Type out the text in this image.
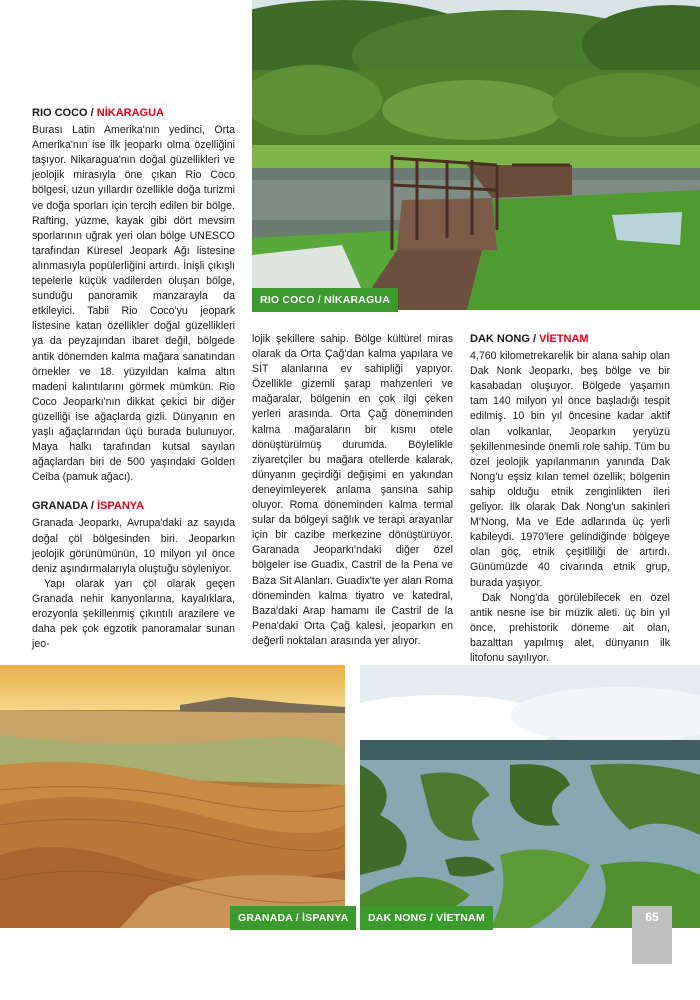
RIO COCO / NİKARAGUA
RIO COCO / NİKARAGUA

Burası Latin Amerika'nın yedinci, Orta Amerika'nın ise ilk jeoparkı olma özelliğini taşıyor. Nikaragua'nın doğal güzellikleri ve jeolojik mirasıyla öne çıkan Rio Coco bölgesi, uzun yıllardır özellikle doğa turizmi ve doğa sporları için tercih edilen bir bölge. Rafting, yüzme, kayak gibi dört mevsim sporlarının uğrak yeri olan bölge UNESCO tarafından Küresel Jeopark Ağı listesine alınmasıyla popülerliğini artırdı. İnişli çıkışlı tepelerle küçük vadilerden oluşan bölge, sunduğu panoramik manzarayla da etkileyici. Tabii Rio Coco'yu jeopark listesine katan özellikler doğal güzellikleri ya da peyzajından ibaret değil, bölgede antik dönemden kalma mağara sanatından örnekler ve 18. yüzyıldan kalma altın madeni kalıntılarını görmek mümkün. Rio Coco Jeoparkı'nın dikkat çekici bir diğer güzelliği ise ağaçlarda gizli. Dünyanın en yaşlı ağaçlarından üçü burada bulunuyor. Maya halkı tarafından kutsal sayılan ağaçlardan biri de 500 yaşındaki Golden Ceiba (pamuk ağacı).

GRANADA / İSPANYA

Granada Jeoparkı, Avrupa'daki az sayıda doğal çöl bölgesinden biri. Jeoparkın jeolojik görünümünün, 10 milyon yıl önce deniz aşındırmalarıyla oluştuğu söyleniyor.

Yapı olarak yarı çöl olarak geçen Granada nehir kanyonlarına, kayalıklara, erozyonla şekillenmiş çıkıntılı arazilere ve daha pek çok egzotik panoramalar sunan jeo-

lojik şekillere sahip. Bölge kültürel miras olarak da Orta Çağ'dan kalma yapılara ve SİT alanlarına ev sahipliği yapıyor. Özellikle gizemli şarap mahzenleri ve mağaralar, bölgenin en çok ilgi çeken yerleri arasında. Orta Çağ döneminden kalma mağaraların bir kısmı otele dönüştürülmüş durumda. Böylelikle ziyaretçiler bu mağara otellerde kalarak, dünyanın geçirdiği değişimi en yakından deneyimleyerek anlama şansına sahip oluyor. Roma döneminden kalma termal sular da bölgeyi sağlık ve terapi arayanlar için bir cazibe merkezine dönüştürüyor. Garanada Jeoparkı'ndaki diğer özel bölgeler ise Guadix, Castril de la Pena ve Baza Sit Alanları. Guadix'te yer alan Roma döneminden kalma tiyatro ve katedral, Baza'daki Arap hamamı ile Castril de la Pena'daki Orta Çağ kalesi, jeoparkın en değerli noktaları arasında yer alıyor.

DAK NONG / VİETNAM

4,760 kilometrekarelik bir alana sahip olan Dak Nonk Jeoparkı, beş bölge ve bir kasabadan oluşuyor. Bölgede yaşamın tam 140 milyon yıl önce başladığı tespit edilmiş. 10 bin yıl öncesine kadar aktif olan volkanlar, Jeoparkın yeryüzü şekillenmesinde önemli role sahip. Tüm bu özel jeolojik yapılanmanın yanında Dak Nong'u eşsiz kılan temel özellik; bölgenin sahip olduğu etnik zenginlikten ileri geliyor. İlk olarak Dak Nong'un sakinleri M'Nong, Ma ve Ede adlarında üç yerli kabileydi. 1970'lere gelindiğinde bölgeye olan göç, etnik çeşitliliği de artırdı. Günümüzde 40 civarında etnik grup, burada yaşıyor.

Dak Nong'da görülebilecek en özel antik nesne ise bir müzik aleti. üç bin yıl önce, prehistorik döneme ait olan, bazalttan yapılmış alet, dünyanın ilk litofonu sayılıyor.

GRANADA / İSPANYA	DAK NONG / VİETNAM	65
